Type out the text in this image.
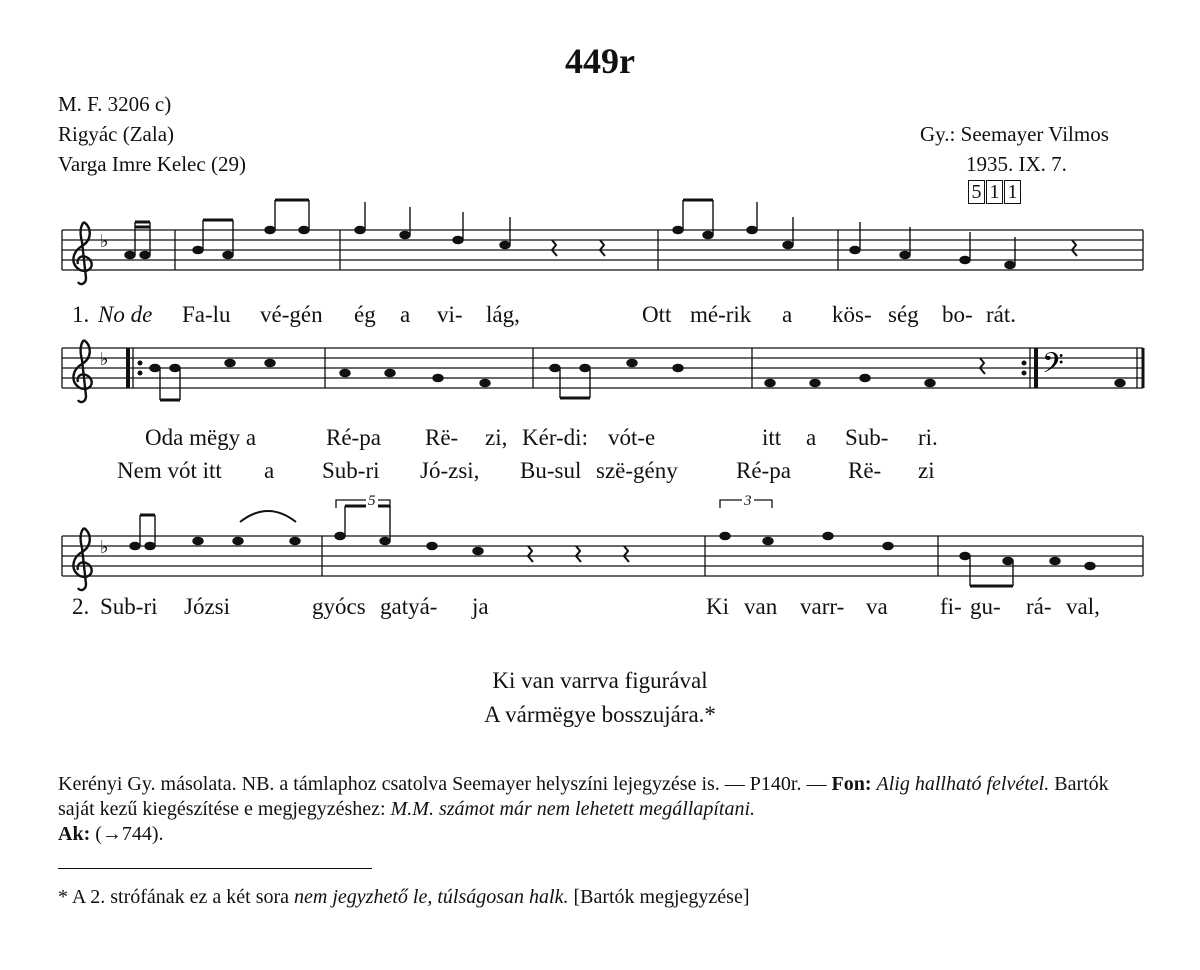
449r
M. F. 3206 c)
Rigyác (Zala)
Varga Imre Kelec (29)
Gy.: Seemayer Vilmos
1935. IX. 7.
5 1 1
♭
♭	𝄢
♭
5	3
1. No de Fa-lu vé-gén ég a vi- lág,	Ott mé-rik a kös- ség bo- rát.
Oda mëgy a	Ré-pa Rë- zi, Kér-di: vót-e	itt a Sub- ri.
Nem vót itt a Sub-ri Jó-zsi, Bu-sul szë-gény	Ré-pa Rë- zi
2. Sub-ri Józsi	gyócs gatyá- ja	Ki van varr- va fi- gu- rá- val,
Ki van varrva figurával
A vármëgye bosszujára.*
Kerényi Gy. másolata. NB. a támlaphoz csatolva Seemayer helyszíni lejegyzése is. — P140r. — Fon: Alig hallható felvétel. Bartók saját kezű kiegészítése e megjegyzéshez: M.M. számot már nem lehetett megállapítani.
Ak: (→744).
* A 2. strófának ez a két sora nem jegyzhető le, túlságosan halk. [Bartók megjegyzése]
